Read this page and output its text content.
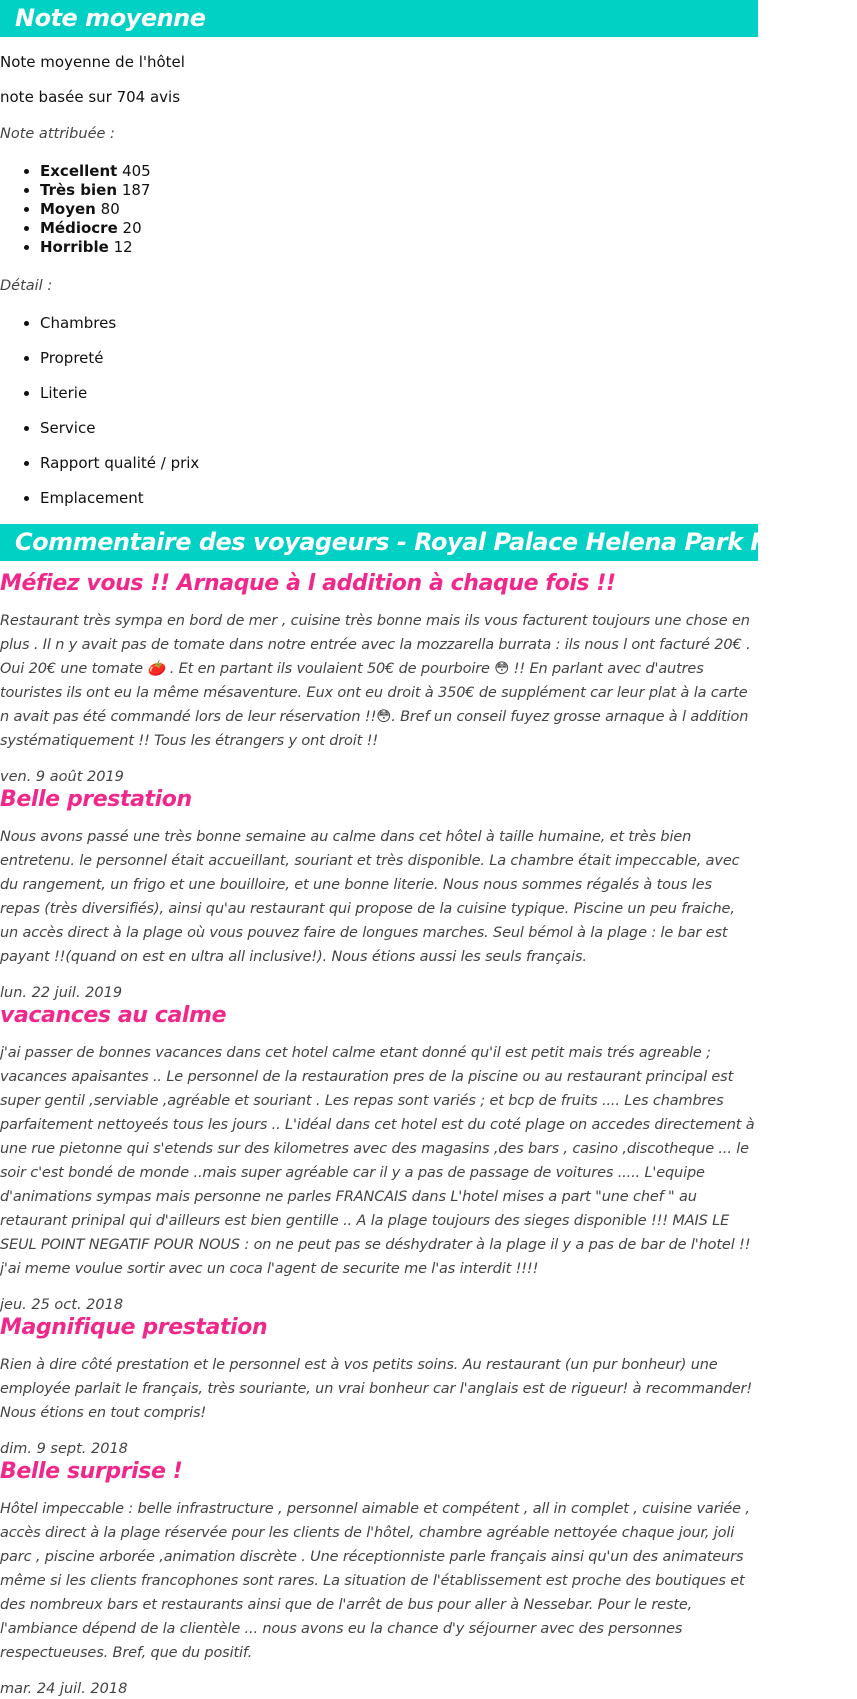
Note moyenne

Note moyenne de l'hôtel

note basée sur 704 avis

Note attribuée :

• Excellent 405
• Très bien 187
• Moyen 80
• Médiocre 20
• Horrible 12

Détail :

• Chambres
• Propreté
• Literie
• Service
• Rapport qualité / prix
• Emplacement
Commentaire des voyageurs - Royal Palace Helena Park Hôtel 5*
Méfiez vous !! Arnaque à l addition à chaque fois !!

Restaurant très sympa en bord de mer , cuisine très bonne mais ils vous facturent toujours une chose en plus . Il n y avait pas de tomate dans notre entrée avec la mozzarella burrata : ils nous l ont facturé 20€ . Oui 20€ une tomate 🍅 . Et en partant ils voulaient 50€ de pourboire 😳 !! En parlant avec d'autres touristes ils ont eu la même mésaventure. Eux ont eu droit à 350€ de supplément car leur plat à la carte n avait pas été commandé lors de leur réservation !!😳. Bref un conseil fuyez grosse arnaque à l addition systématiquement !! Tous les étrangers y ont droit !!

ven. 9 août 2019

Belle prestation

Nous avons passé une très bonne semaine au calme dans cet hôtel à taille humaine, et très bien entretenu. le personnel était accueillant, souriant et très disponible. La chambre était impeccable, avec du rangement, un frigo et une bouilloire, et une bonne literie. Nous nous sommes régalés à tous les repas (très diversifiés), ainsi qu'au restaurant qui propose de la cuisine typique. Piscine un peu fraiche, un accès direct à la plage où vous pouvez faire de longues marches. Seul bémol à la plage : le bar est payant !!(quand on est en ultra all inclusive!). Nous étions aussi les seuls français.

lun. 22 juil. 2019

vacances au calme

j'ai passer de bonnes vacances dans cet hotel calme etant donné qu'il est petit mais trés agreable ; vacances apaisantes .. Le personnel de la restauration pres de la piscine ou au restaurant principal est super gentil ,serviable ,agréable et souriant . Les repas sont variés ; et bcp de fruits .... Les chambres parfaitement nettoyeés tous les jours .. L'idéal dans cet hotel est du coté plage on accedes directement à une rue pietonne qui s'etends sur des kilometres avec des magasins ,des bars , casino ,discotheque ... le soir c'est bondé de monde ..mais super agréable car il y a pas de passage de voitures ..... L'equipe d'animations sympas mais personne ne parles FRANCAIS dans L'hotel mises a part "une chef " au retaurant prinipal qui d'ailleurs est bien gentille .. A la plage toujours des sieges disponible !!! MAIS LE SEUL POINT NEGATIF POUR NOUS : on ne peut pas se déshydrater à la plage il y a pas de bar de l'hotel !! j'ai meme voulue sortir avec un coca l'agent de securite me l'as interdit !!!!

jeu. 25 oct. 2018

Magnifique prestation

Rien à dire côté prestation et le personnel est à vos petits soins. Au restaurant (un pur bonheur) une employée parlait le français, très souriante, un vrai bonheur car l'anglais est de rigueur! à recommander! Nous étions en tout compris!

dim. 9 sept. 2018

Belle surprise !

Hôtel impeccable : belle infrastructure , personnel aimable et compétent , all in complet , cuisine variée , accès direct à la plage réservée pour les clients de l'hôtel, chambre agréable nettoyée chaque jour, joli parc , piscine arborée ,animation discrète . Une réceptionniste parle français ainsi qu'un des animateurs même si les clients francophones sont rares. La situation de l'établissement est proche des boutiques et des nombreux bars et restaurants ainsi que de l'arrêt de bus pour aller à Nessebar. Pour le reste, l'ambiance dépend de la clientèle ... nous avons eu la chance d'y séjourner avec des personnes respectueuses. Bref, que du positif.

mar. 24 juil. 2018
